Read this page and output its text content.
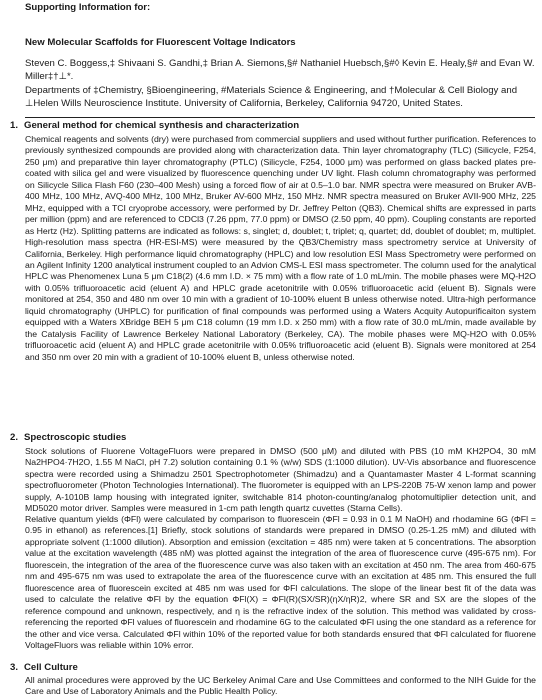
Supporting Information for:
New Molecular Scaffolds for Fluorescent Voltage Indicators
Steven C. Boggess,‡ Shivaani S. Gandhi,‡ Brian A. Siemons,§# Nathaniel Huebsch,§#◊ Kevin E. Healy,§# and Evan W. Miller‡†⊥*.
Departments of ‡Chemistry, §Bioengineering, #Materials Science & Engineering, and †Molecular & Cell Biology and ⊥Helen Wills Neuroscience Institute. University of California, Berkeley, California 94720, United States.
1. General method for chemical synthesis and characterization

Chemical reagents and solvents (dry) were purchased from commercial suppliers and used without further purification. References to previously synthesized compounds are provided along with characterization data. Thin layer chromatography (TLC) (Silicycle, F254, 250 μm) and preparative thin layer chromatography (PTLC) (Silicycle, F254, 1000 μm) was performed on glass backed plates pre-coated with silica gel and were visualized by fluorescence quenching under UV light. Flash column chromatography was performed on Silicycle Silica Flash F60 (230–400 Mesh) using a forced flow of air at 0.5–1.0 bar. NMR spectra were measured on Bruker AVB-400 MHz, 100 MHz, AVQ-400 MHz, 100 MHz, Bruker AV-600 MHz, 150 MHz. NMR spectra measured on Bruker AVII-900 MHz, 225 MHz, equipped with a TCI cryoprobe accessory, were performed by Dr. Jeffrey Pelton (QB3). Chemical shifts are expressed in parts per million (ppm) and are referenced to CDCl3 (7.26 ppm, 77.0 ppm) or DMSO (2.50 ppm, 40 ppm). Coupling constants are reported as Hertz (Hz). Splitting patterns are indicated as follows: s, singlet; d, doublet; t, triplet; q, quartet; dd, doublet of doublet; m, multiplet. High-resolution mass spectra (HR-ESI-MS) were measured by the QB3/Chemistry mass spectrometry service at University of California, Berkeley. High performance liquid chromatography (HPLC) and low resolution ESI Mass Spectrometry were performed on an Agilent Infinity 1200 analytical instrument coupled to an Advion CMS-L ESI mass spectrometer. The column used for the analytical HPLC was Phenomenex Luna 5 μm C18(2) (4.6 mm I.D. × 75 mm) with a flow rate of 1.0 mL/min. The mobile phases were MQ-H2O with 0.05% trifluoroacetic acid (eluent A) and HPLC grade acetonitrile with 0.05% trifluoroacetic acid (eluent B). Signals were monitored at 254, 350 and 480 nm over 10 min with a gradient of 10-100% eluent B unless otherwise noted. Ultra-high performance liquid chromatography (UHPLC) for purification of final compounds was performed using a Waters Acquity Autopurificaiton system equipped with a Waters XBridge BEH 5 μm C18 column (19 mm I.D. x 250 mm) with a flow rate of 30.0 mL/min, made available by the Catalysis Facility of Lawrence Berkeley National Laboratory (Berkeley, CA). The mobile phases were MQ-H2O with 0.05% trifluoroacetic acid (eluent A) and HPLC grade acetonitrile with 0.05% trifluoroacetic acid (eluent B). Signals were monitored at 254 and 350 nm over 20 min with a gradient of 10-100% eluent B, unless otherwise noted.

2. Spectroscopic studies

Stock solutions of Fluorene VoltageFluors were prepared in DMSO (500 μM) and diluted with PBS (10 mM KH2PO4, 30 mM Na2HPO4·7H2O, 1.55 M NaCl, pH 7.2) solution containing 0.1 % (w/w) SDS (1:1000 dilution). UV-Vis absorbance and fluorescence spectra were recorded using a Shimadzu 2501 Spectrophotometer (Shimadzu) and a Quantamaster Master 4 L-format scanning spectrofluorometer (Photon Technologies International). The fluorometer is equipped with an LPS-220B 75-W xenon lamp and power supply, A-1010B lamp housing with integrated igniter, switchable 814 photon-counting/analog photomultiplier detection unit, and MD5020 motor driver. Samples were measured in 1-cm path length quartz cuvettes (Starna Cells).

Relative quantum yields (ΦFl) were calculated by comparison to fluorescein (ΦFl = 0.93 in 0.1 M NaOH) and rhodamine 6G (ΦFl = 0.95 in ethanol) as references.[1] Briefly, stock solutions of standards were prepared in DMSO (0.25-1.25 mM) and diluted with appropriate solvent (1:1000 dilution). Absorption and emission (excitation = 485 nm) were taken at 5 concentrations. The absorption value at the excitation wavelength (485 nM) was plotted against the integration of the area of fluorescence curve (495-675 nm). For fluorescein, the integration of the area of the fluorescence curve was also taken with an excitation at 450 nm. The area from 460-675 nm and 495-675 nm was used to extrapolate the area of the fluorescence curve with an excitation at 485 nm. This ensured the full fluorescence area of fluorescein excited at 485 nm was used for ΦFl calculations. The slope of the linear best fit of the data was used to calculate the relative ΦFl by the equation ΦFl(X) = ΦFl(R)(SX/SR)(ηX/ηR)2, where SR and SX are the slopes of the reference compound and unknown, respectively, and η is the refractive index of the solution. This method was validated by cross-referencing the reported ΦFl values of fluorescein and rhodamine 6G to the calculated ΦFl using the one standard as a reference for the other and vice versa. Calculated ΦFl within 10% of the reported value for both standards ensured that ΦFl calculated for fluorene VoltageFluors was reliable within 10% error.

3. Cell Culture

All animal procedures were approved by the UC Berkeley Animal Care and Use Committees and conformed to the NIH Guide for the Care and Use of Laboratory Animals and the Public Health Policy.
